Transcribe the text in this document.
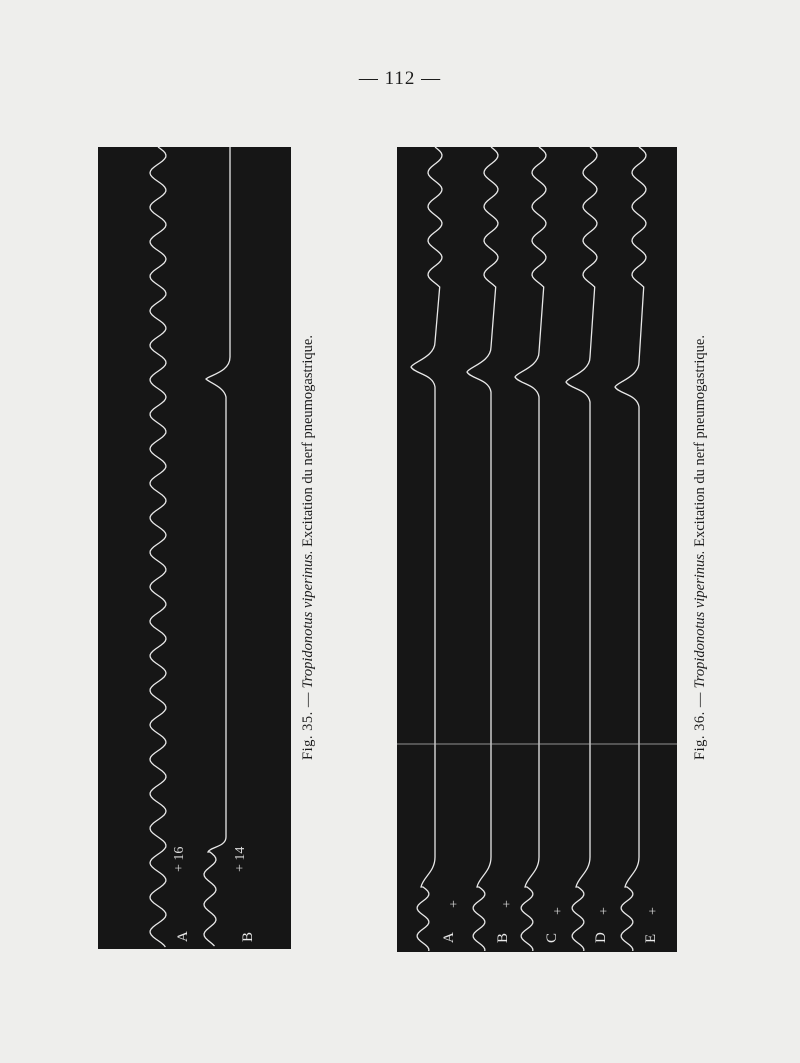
— 112 —
A
+ 16
B
+ 14
Fig. 35. — Tropidonotus viperinus. Excitation du nerf pneumogastrique.
A
+
B
+
C
+
D
+
E
+
Fig. 36. — Tropidonotus viperinus. Excitation du nerf pneumogastrique.
